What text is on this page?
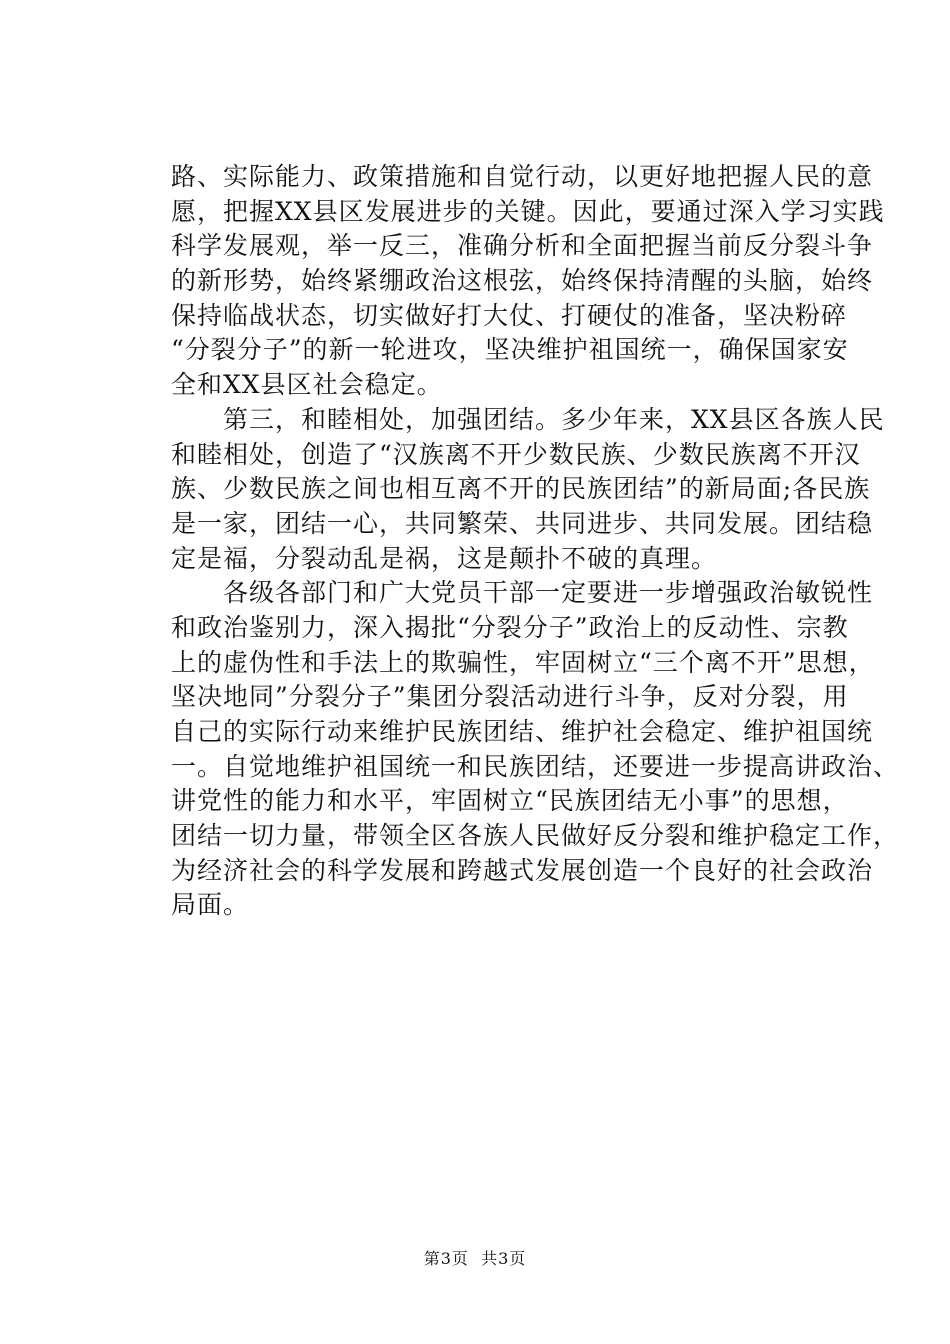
路、实际能力、政策措施和自觉行动，以更好地把握人民的意
愿，把握XX县区发展进步的关键。因此，要通过深入学习实践
科学发展观，举一反三，准确分析和全面把握当前反分裂斗争
的新形势，始终紧绷政治这根弦，始终保持清醒的头脑，始终
保持临战状态，切实做好打大仗、打硬仗的准备，坚决粉碎
“分裂分子”的新一轮进攻，坚决维护祖国统一，确保国家安
全和XX县区社会稳定。
　　第三，和睦相处，加强团结。多少年来，XX县区各族人民
和睦相处，创造了“汉族离不开少数民族、少数民族离不开汉
族、少数民族之间也相互离不开的民族团结”的新局面;各民族
是一家，团结一心，共同繁荣、共同进步、共同发展。团结稳
定是福，分裂动乱是祸，这是颠扑不破的真理。
　　各级各部门和广大党员干部一定要进一步增强政治敏锐性
和政治鉴别力，深入揭批“分裂分子”政治上的反动性、宗教
上的虚伪性和手法上的欺骗性，牢固树立“三个离不开”思想，
坚决地同”分裂分子”集团分裂活动进行斗争，反对分裂，用
自己的实际行动来维护民族团结、维护社会稳定、维护祖国统
一。自觉地维护祖国统一和民族团结，还要进一步提高讲政治、
讲党性的能力和水平，牢固树立“民族团结无小事”的思想，
团结一切力量，带领全区各族人民做好反分裂和维护稳定工作，
为经济社会的科学发展和跨越式发展创造一个良好的社会政治
局面。
第3页  共3页
